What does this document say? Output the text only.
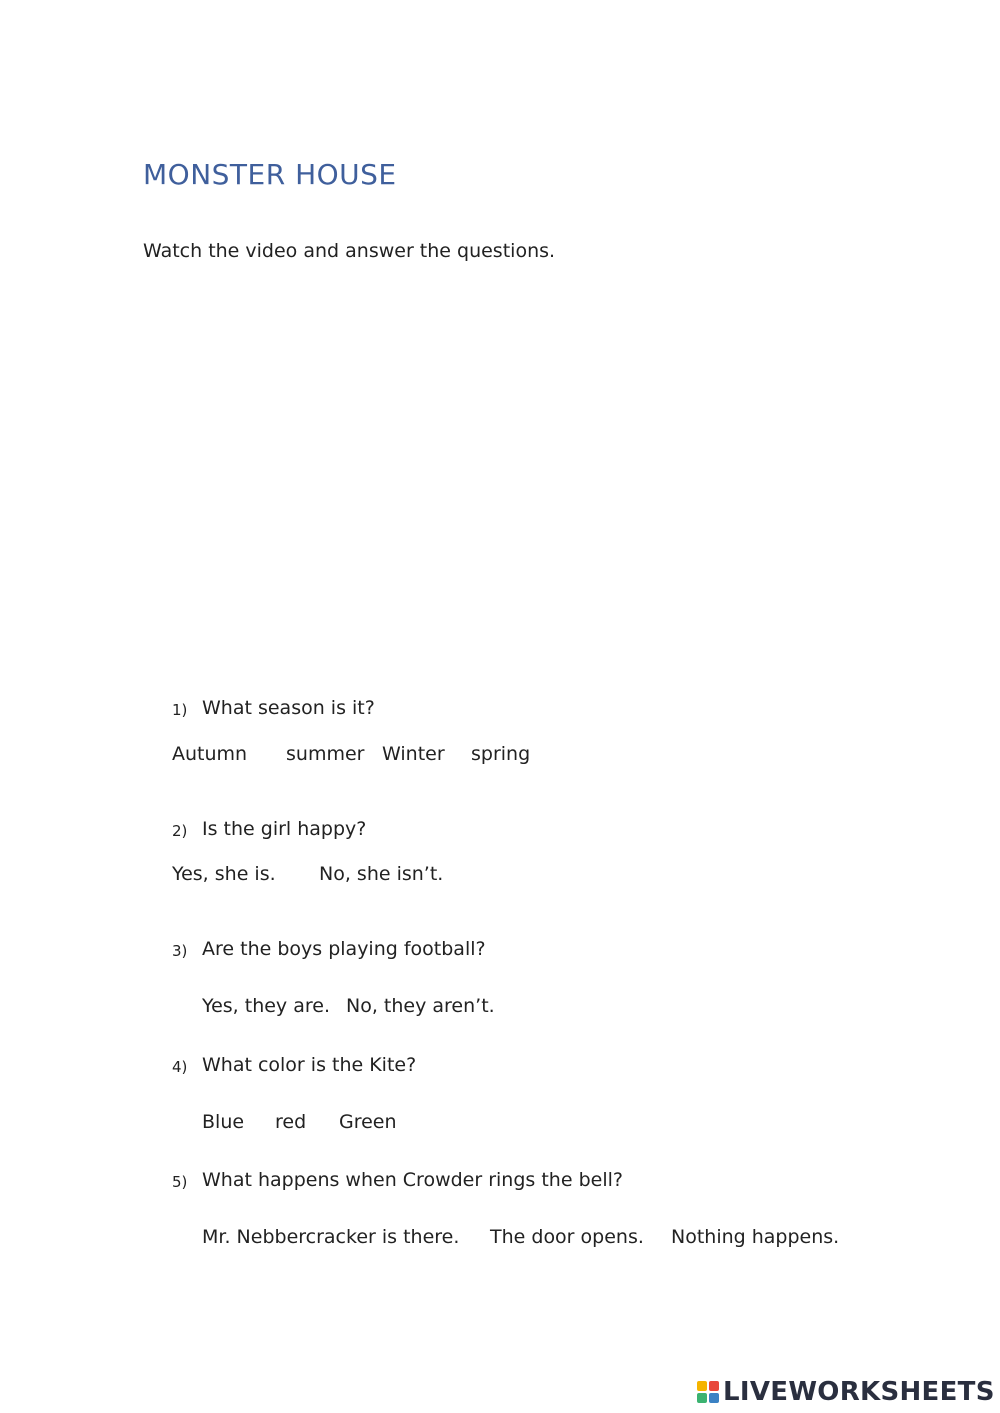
MONSTER HOUSE
Watch the video and answer the questions.
1) What season is it?
Autumn summer Winter spring
2) Is the girl happy?
Yes, she is. No, she isn’t.
3) Are the boys playing football?
Yes, they are. No, they aren’t.
4) What color is the Kite?
Blue red Green
5) What happens when Crowder rings the bell?
Mr. Nebbercracker is there. The door opens. Nothing happens.
LIVEWORKSHEETS
